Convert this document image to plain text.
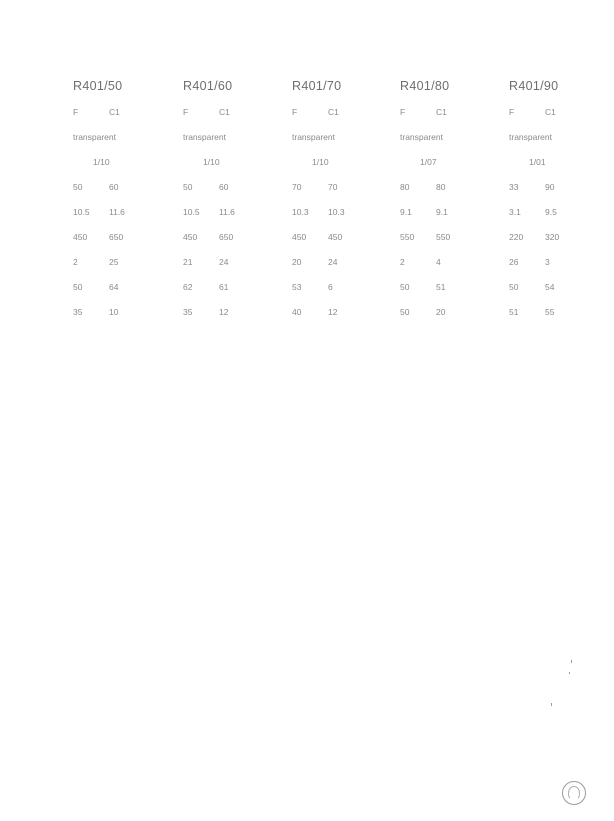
R401/50
F	C1
transparent
1/10
50	60
10.5 11.6
450	650
2	25
50	64
35	10
R401/60
F	C1
transparent
1/10
50	60
10.5 11.6
450	650
21	24
62	61
35	12
R401/70
F	C1
transparent
1/10
70	70
10.3 10.3
450	450
20	24
53	6
40	12
R401/80
F	C1
transparent
1/07
80	80
9.1	9.1
550	550
2	4
50	51
50	20
R401/90
F	C1
transparent
1/01
33	90
3.1	9.5
220	320
26	3
50	54
51	55
